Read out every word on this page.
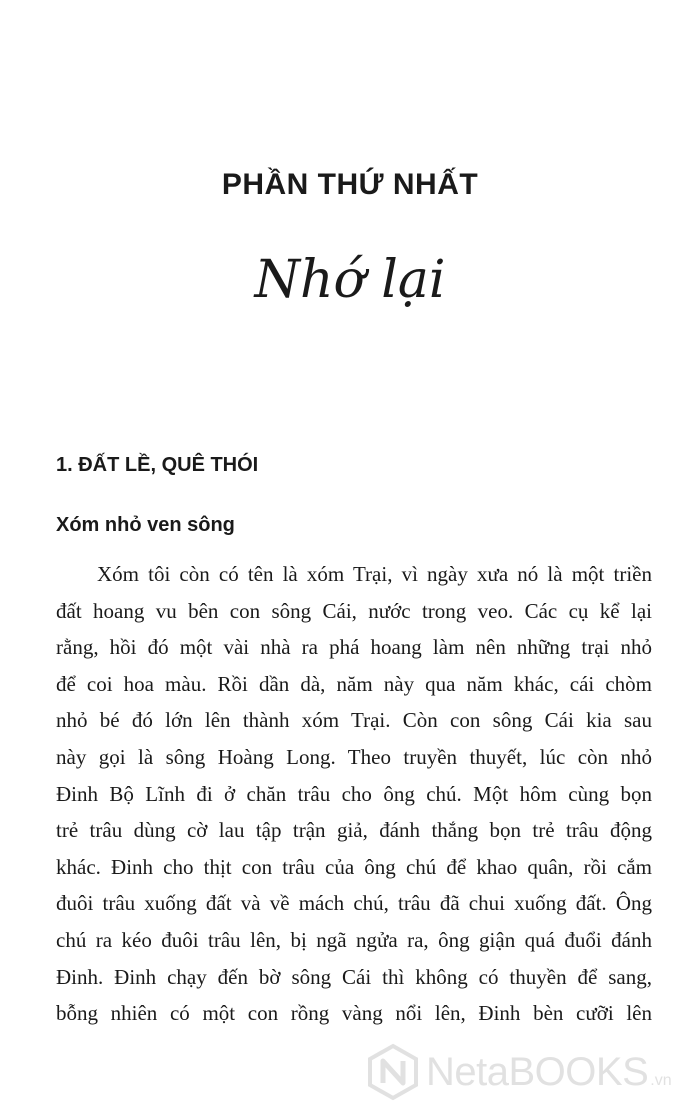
PHẦN THỨ NHẤT
Nhớ lại
1. ĐẤT LỀ, QUÊ THÓI
Xóm nhỏ ven sông
Xóm tôi còn có tên là xóm Trại, vì ngày xưa nó là một triền
đất hoang vu bên con sông Cái, nước trong veo. Các cụ kể lại
rằng, hồi đó một vài nhà ra phá hoang làm nên những trại nhỏ
để coi hoa màu. Rồi dần dà, năm này qua năm khác, cái chòm
nhỏ bé đó lớn lên thành xóm Trại. Còn con sông Cái kia sau
này gọi là sông Hoàng Long. Theo truyền thuyết, lúc còn nhỏ
Đinh Bộ Lĩnh đi ở chăn trâu cho ông chú. Một hôm cùng bọn
trẻ trâu dùng cờ lau tập trận giả, đánh thắng bọn trẻ trâu động
khác. Đinh cho thịt con trâu của ông chú để khao quân, rồi cắm
đuôi trâu xuống đất và về mách chú, trâu đã chui xuống đất. Ông
chú ra kéo đuôi trâu lên, bị ngã ngửa ra, ông giận quá đuổi đánh
Đinh. Đinh chạy đến bờ sông Cái thì không có thuyền để sang,
bỗng nhiên có một con rồng vàng nổi lên, Đinh bèn cưỡi lên
NetaBOOKS .vn
